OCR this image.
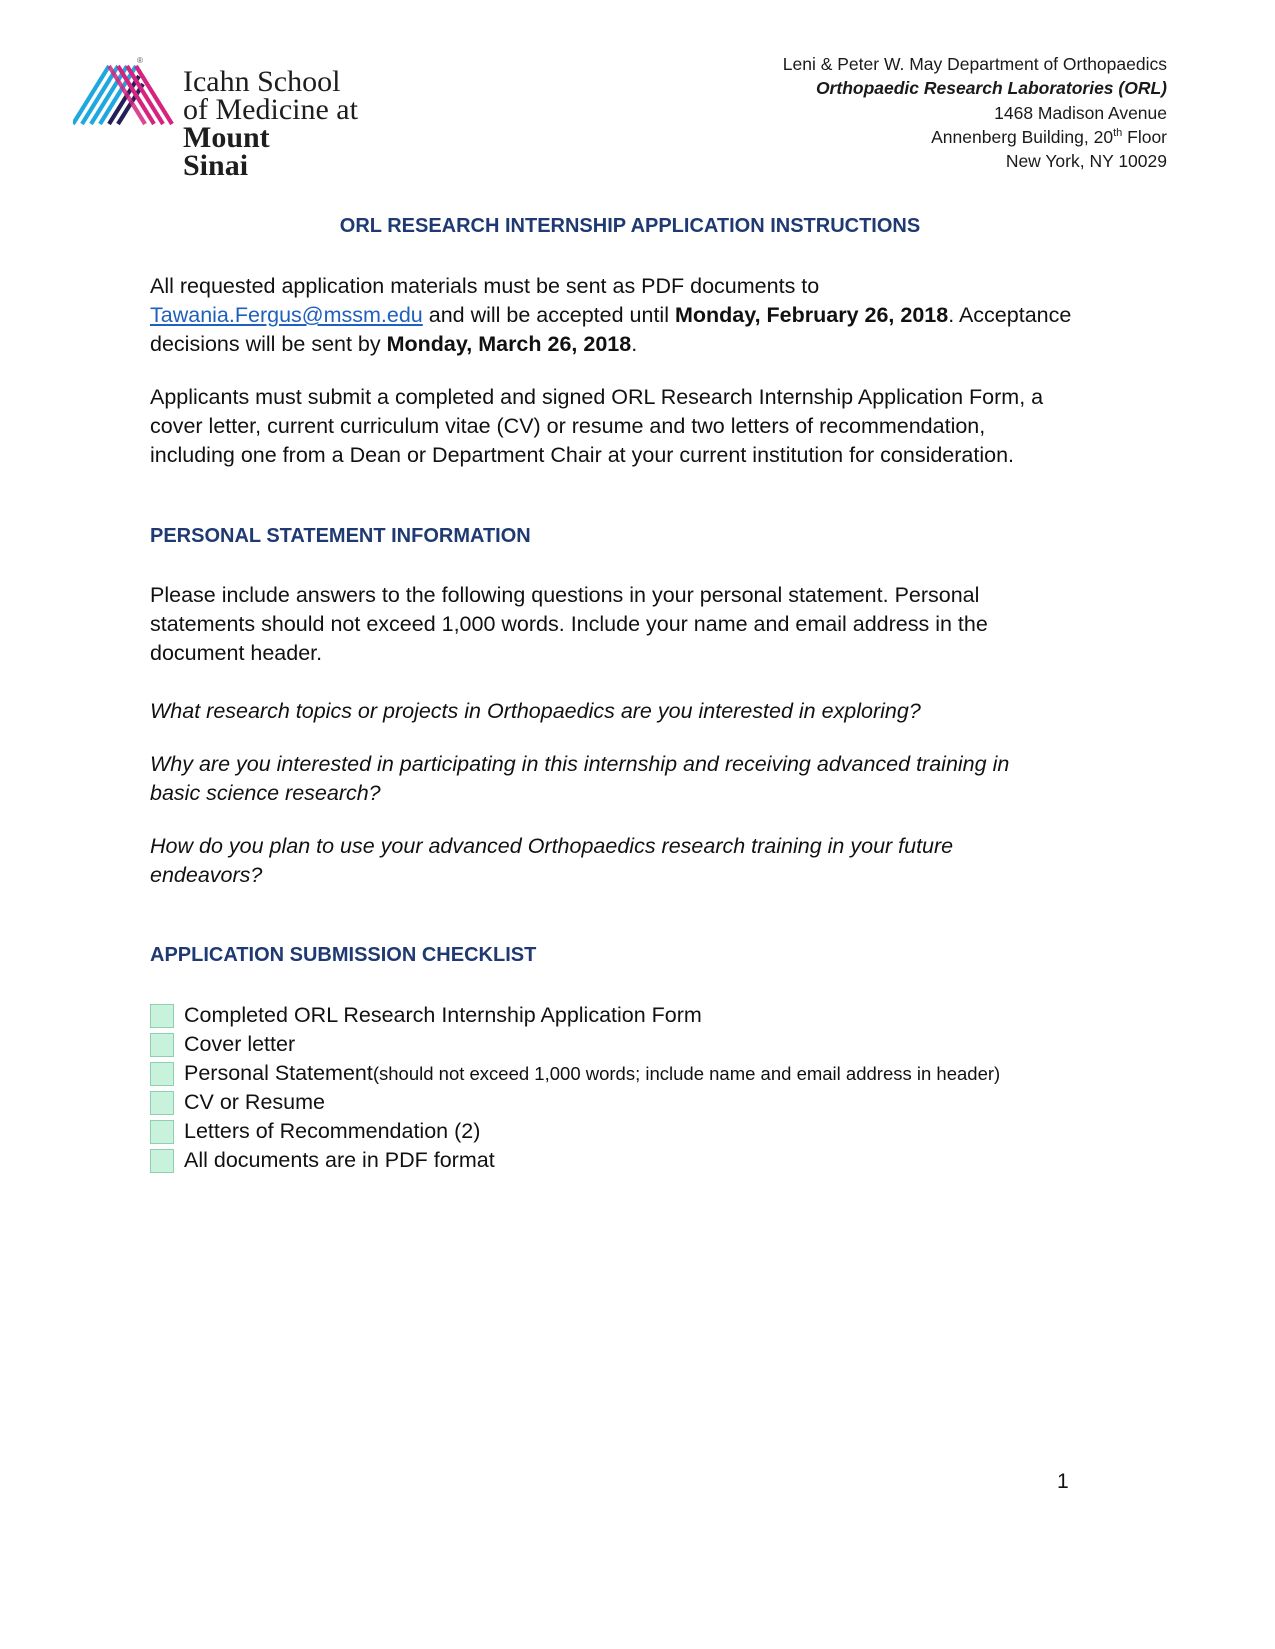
®
Icahn School
of Medicine at
Mount
Sinai
Leni & Peter W. May Department of Orthopaedics
Orthopaedic Research Laboratories (ORL)
1468 Madison Avenue
Annenberg Building, 20th Floor
New York, NY 10029
ORL RESEARCH INTERNSHIP APPLICATION INSTRUCTIONS
All requested application materials must be sent as PDF documents to
Tawania.Fergus@mssm.edu and will be accepted until Monday, February 26, 2018. Acceptance
decisions will be sent by Monday, March 26, 2018.
Applicants must submit a completed and signed ORL Research Internship Application Form, a
cover letter, current curriculum vitae (CV) or resume and two letters of recommendation,
including one from a Dean or Department Chair at your current institution for consideration.
PERSONAL STATEMENT INFORMATION
Please include answers to the following questions in your personal statement. Personal
statements should not exceed 1,000 words. Include your name and email address in the
document header.
What research topics or projects in Orthopaedics are you interested in exploring?
Why are you interested in participating in this internship and receiving advanced training in
basic science research?
How do you plan to use your advanced Orthopaedics research training in your future
endeavors?
APPLICATION SUBMISSION CHECKLIST
Completed ORL Research Internship Application Form
Cover letter
Personal Statement (should not exceed 1,000 words; include name and email address in header)
CV or Resume
Letters of Recommendation (2)
All documents are in PDF format
1
